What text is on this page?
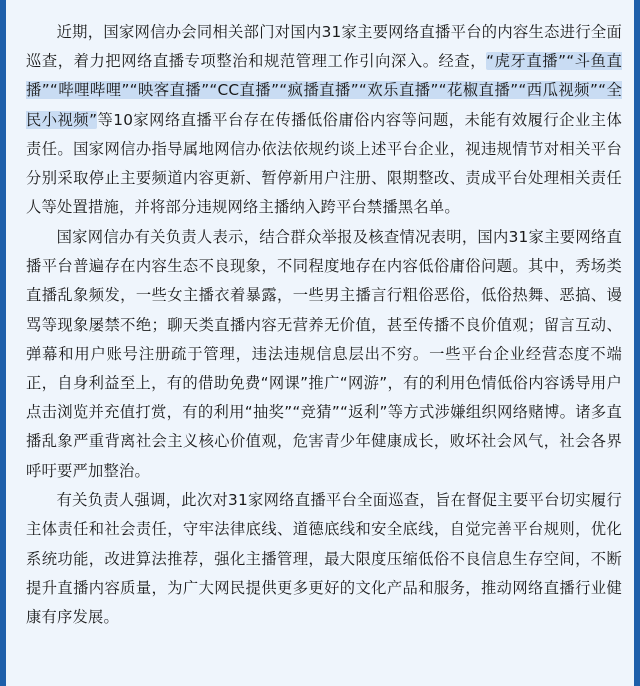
近期，国家网信办会同相关部门对国内31家主要网络直播平台的内容生态进行全面巡查，着力把网络直播专项整治和规范管理工作引向深入。经查，“虎牙直播”“斗鱼直播”“哔哩哔哩”“映客直播”“CC直播”“疯播直播”“欢乐直播”“花椒直播”“西瓜视频”“全民小视频”等10家网络直播平台存在传播低俗庸俗内容等问题，未能有效履行企业主体责任。国家网信办指导属地网信办依法依规约谈上述平台企业，视违规情节对相关平台分别采取停止主要频道内容更新、暂停新用户注册、限期整改、责成平台处理相关责任人等处置措施，并将部分违规网络主播纳入跨平台禁播黑名单。

国家网信办有关负责人表示，结合群众举报及核查情况表明，国内31家主要网络直播平台普遍存在内容生态不良现象，不同程度地存在内容低俗庸俗问题。其中，秀场类直播乱象频发，一些女主播衣着暴露，一些男主播言行粗俗恶俗，低俗热舞、恶搞、谩骂等现象屡禁不绝；聊天类直播内容无营养无价值，甚至传播不良价值观；留言互动、弹幕和用户账号注册疏于管理，违法违规信息层出不穷。一些平台企业经营态度不端正，自身利益至上，有的借助免费“网课”推广“网游”，有的利用色情低俗内容诱导用户点击浏览并充值打赏，有的利用“抽奖”“竞猜”“返利”等方式涉嫌组织网络赌博。诸多直播乱象严重背离社会主义核心价值观，危害青少年健康成长，败坏社会风气，社会各界呼吁要严加整治。

有关负责人强调，此次对31家网络直播平台全面巡查，旨在督促主要平台切实履行主体责任和社会责任，守牢法律底线、道德底线和安全底线，自觉完善平台规则，优化系统功能，改进算法推荐，强化主播管理，最大限度压缩低俗不良信息生存空间，不断提升直播内容质量，为广大网民提供更多更好的文化产品和服务，推动网络直播行业健康有序发展。
